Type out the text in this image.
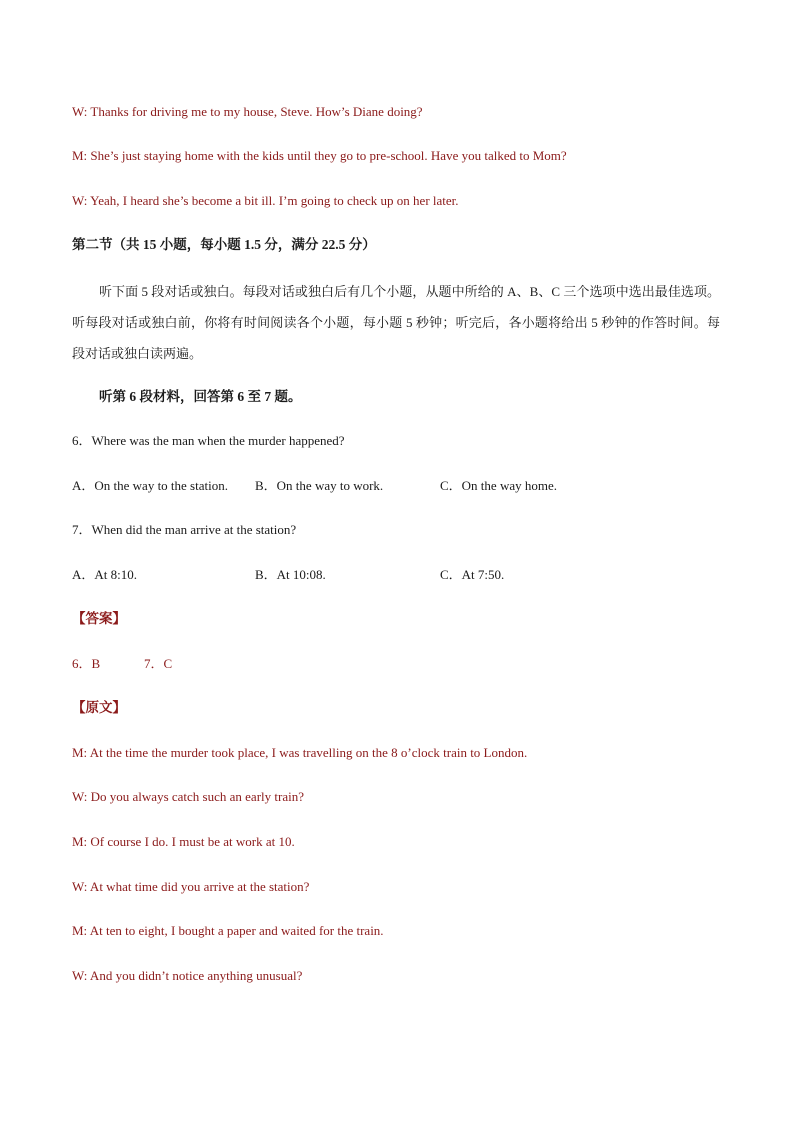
W: Thanks for driving me to my house, Steve. How’s Diane doing?
M: She’s just staying home with the kids until they go to pre-school. Have you talked to Mom?
W: Yeah, I heard she’s become a bit ill. I’m going to check up on her later.
第二节（共 15 小题，每小题 1.5 分，满分 22.5 分）
听下面 5 段对话或独白。每段对话或独白后有几个小题，从题中所给的 A、B、C 三个选项中选出最佳选项。听每段对话或独白前，你将有时间阅读各个小题，每小题 5 秒钟；听完后，各小题将给出 5 秒钟的作答时间。每段对话或独白读两遍。
听第 6 段材料，回答第 6 至 7 题。
6．Where was the man when the murder happened?
A．On the way to the station. B．On the way to work.	C．On the way home.
7．When did the man arrive at the station?
A．At 8:10.	B．At 10:08.	C．At 7:50.
【答案】
6．B	7．C
【原文】
M: At the time the murder took place, I was travelling on the 8 o’clock train to London.
W: Do you always catch such an early train?
M: Of course I do. I must be at work at 10.
W: At what time did you arrive at the station?
M: At ten to eight, I bought a paper and waited for the train.
W: And you didn’t notice anything unusual?
